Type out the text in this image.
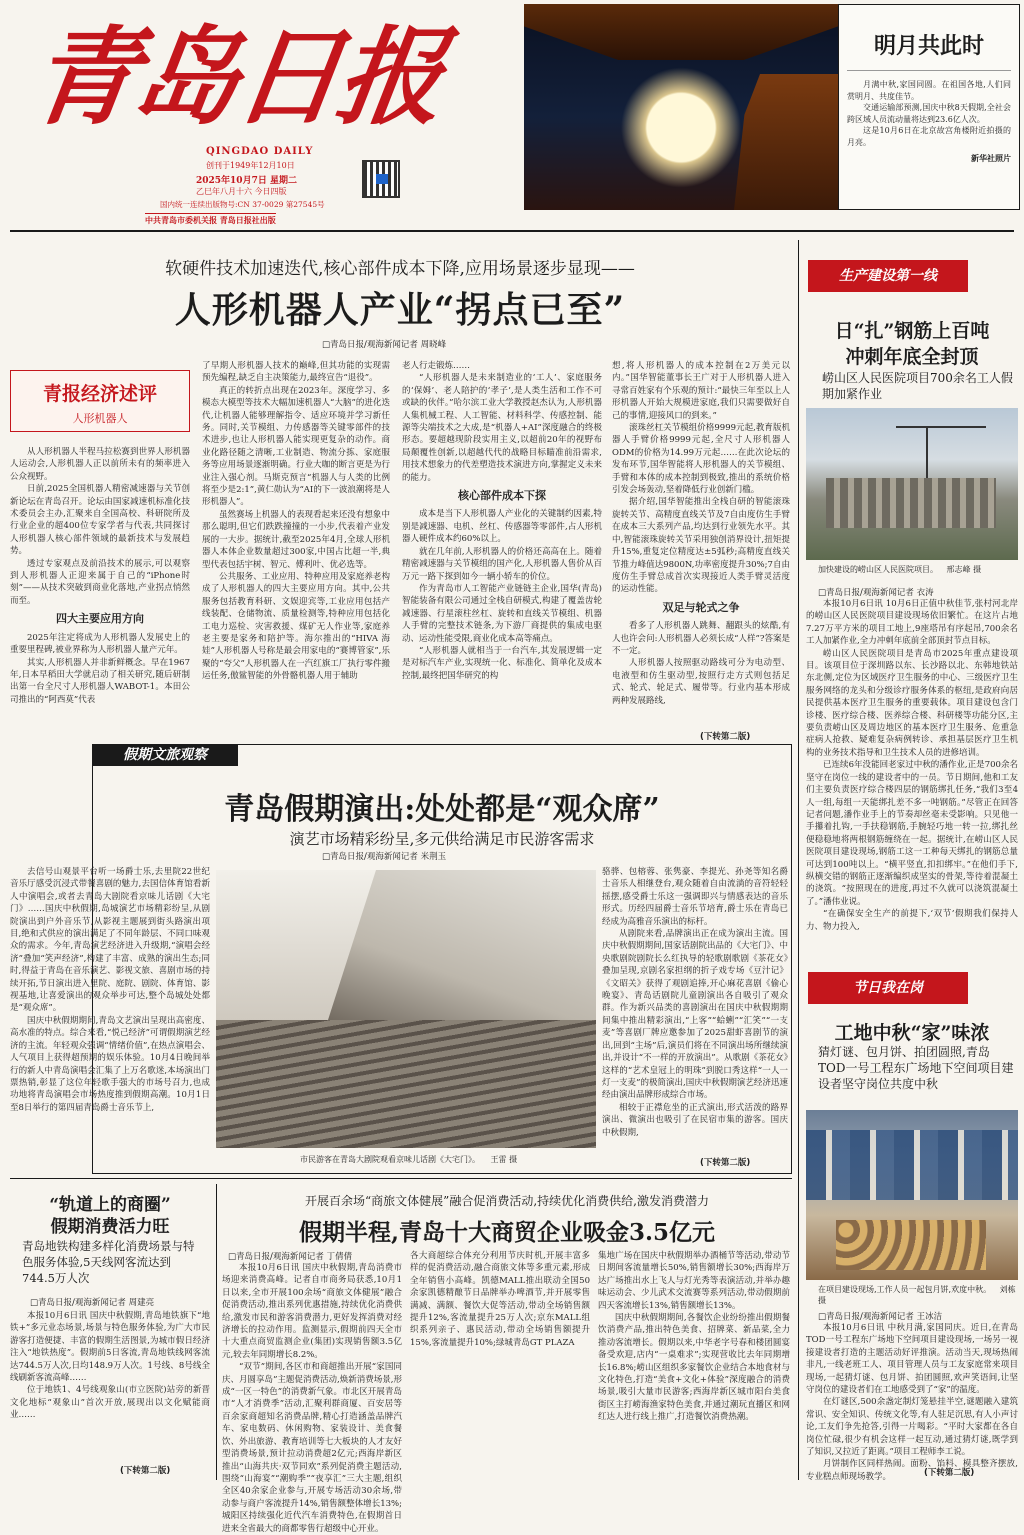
青岛日报
QINGDAO DAILY
创刊于1949年12月10日
2025年10月7日 星期二
乙巳年八月十六 今日四版
国内统一连续出版物号:CN 37-0029 第27545号
中共青岛市委机关报 青岛日报社出版
明月共此时

月满中秋,家国同圆。在祖国各地,人们同赏明月、共度佳节。

交通运输部预测,国庆中秋8天假期,全社会跨区域人员流动量将达到23.6亿人次。

这是10月6日在北京故宫角楼附近拍摄的月亮。

新华社照片
软硬件技术加速迭代,核心部件成本下降,应用场景逐步显现——
人形机器人产业“拐点已至”
□青岛日报/观海新闻记者 周晓峰
青报经济述评
人形机器人

从人形机器人半程马拉松赛到世界人形机器人运动会,人形机器人正以前所未有的频率进入公众视野。

日前,2025全国机器人精密减速器与关节创新论坛在青岛召开。论坛由国家减速机标准化技术委员会主办,汇聚来自全国高校、科研院所及行业企业的超400位专家学者与代表,共同探讨人形机器人核心部件领域的最新技术与发展趋势。

透过专家观点及前沿技术的展示,可以观察到人形机器人正迎来属于自己的“iPhone时刻”——从技术突破到商业化落地,产业拐点悄然而至。

四大主要应用方向

2025年注定将成为人形机器人发展史上的重要里程碑,被业界称为人形机器人量产元年。

其实,人形机器人并非新鲜概念。早在1967年,日本早稻田大学就启动了相关研究,随后研制出第一台全尺寸人形机器人WABOT-1。本田公司推出的“阿西莫”代表

了早期人形机器人技术的巅峰,但其功能的实现需预先编程,缺乏自主决策能力,最终宣告“退役”。

真正的转折点出现在2023年。深度学习、多模态大模型等技术大幅加速机器人“大脑”的进化迭代,让机器人能够理解指令、适应环境并学习新任务。同时,关节模组、力传感器等关键零部件的技术进步,也让人形机器人能实现更复杂的动作。商业化路径随之清晰,工业制造、物流分拣、家庭服务等应用场景逐渐明确。行业大咖的断言更是为行业注入强心剂。马斯克预言“机器人与人类的比例将至少是2:1”,黄仁勋认为“AI的下一波浪潮将是人形机器人”。

虽然赛场上机器人的表现看起来还没有想象中那么聪明,但它们跌跌撞撞的一小步,代表着产业发展的一大步。据统计,截至2025年4月,全球人形机器人本体企业数量超过300家,中国占比超一半,典型代表包括宇树、智元、傅利叶、优必选等。

公共服务、工业应用、特种应用及家庭养老构成了人形机器人的四大主要应用方向。其中,公共服务包括教育科研、文娱迎宾等,工业应用包括产线装配、仓储物流、质量检测等,特种应用包括化工电力巡检、灾害救援、煤矿无人作业等,家庭养老主要是家务和陪护等。海尔推出的“HIVA 海娃”人形机器人号称是最会用家电的“赛博管家”,乐聚的“夸父”人形机器人在一汽红旗工厂执行零件搬运任务,傲鲨智能的外骨骼机器人用于辅助

老人行走锻炼……

“人形机器人是未来制造业的‘工人’、家庭服务的‘保姆’、老人陪护的‘孝子’,是人类生活和工作不可或缺的伙伴。”哈尔滨工业大学教授赵杰认为,人形机器人集机械工程、人工智能、材料科学、传感控制、能源等尖端技术之大成,是“机器人+AI”深度融合的终极形态。要超越现阶段实用主义,以超前20年的视野布局颠覆性创新,以超越代代的战略目标瞄准前沿需求,用技术想象力的代差塑造技术演进方向,掌握定义未来的能力。

核心部件成本下探

成本是当下人形机器人产业化的关键制约因素,特别是减速器、电机、丝杠、传感器等零部件,占人形机器人硬件成本约60%以上。

就在几年前,人形机器人的价格还高高在上。随着精密减速器与关节模组的国产化,人形机器人售价从百万元一路下探到如今一辆小轿车的价位。

作为青岛市人工智能产业链链主企业,国华(青岛)智能装备有限公司通过全栈自研模式,构建了覆盖齿轮减速器、行星滚柱丝杠、旋转和直线关节模组、机器人手臂的完整技术链条,为下游厂商提供的集成电驱动、运动性能受限,商业化成本高等痛点。

“人形机器人就相当于一台汽车,其发展逻辑一定是对标汽车产业,实现统一化、标准化、简单化及成本控制,最终把国华研究的构

想,将人形机器人的成本控制在2万美元以内。”国华智能董事长王广对于人形机器人进入寻常百姓家有个乐观的预计:“最快三年至以上人形机器人开始大规模进家庭,我们只需要做好自己的事情,迎接风口的到来。”

滚珠丝杠关节模组价格9999元起,教育版机器人手臂价格9999元起,全尺寸人形机器人ODM的价格为14.99万元起……在此次论坛的发布环节,国华智能将人形机器人的关节模组、手臂和本体的成本控制到极致,推出的系统价格引发会场轰动,坚着降低行业创新门槛。

据介绍,国华智能推出全栈自研的智能滚珠旋转关节、高精度直线关节及7自由度仿生手臂在成本三大系列产品,均达到行业领先水平。其中,智能滚珠旋转关节采用独创消界设计,扭矩提升15%,重复定位精度达±5弧秒;高精度直线关节推力峰值达9800N,功率密度提升30%;7自由度仿生手臂总成首次实现接近人类手臂灵活度的运动性能。

双足与轮式之争

看多了人形机器人跳舞、翻跟头的炫酷,有人也许会问:人形机器人必须长成“人样”?答案是不一定。

人形机器人按照驱动路线可分为电动型、电液型和仿生驱动型,按照行走方式则包括足式、轮式、轮足式、履带等。行业内基本形成两种发展路线,

(下转第二版)
假期文旅观察
青岛假期演出:处处都是“观众席”
演艺市场精彩纷呈,多元供给满足市民游客需求
□青岛日报/观海新闻记者 米荆玉

去信号山观景平台听一场爵士乐,去里院22世纪音乐厅感受沉浸式带餐喜剧的魅力,去国信体育馆看新人中演唱会,或者去青岛大剧院看京味儿话剧《大宅门》……国庆中秋假期,岛城演艺市场精彩纷呈,从剧院演出到户外音乐节,从影视主题展到街头路演出项目,绝和式供应的演出满足了不同年龄层、不同口味观众的需求。今年,青岛演艺经济进入升级期,“演唱会经济”叠加“笑声经济”,构建了丰富、成熟的演出生态;同时,得益于青岛在音乐演艺、影视文旅、喜剧市场的持续开拓,节日演出进入里院、庭院、剧院、体育馆、影视基地,让喜爱演出的观众举步可达,整个岛城处处都是“观众席”。

国庆中秋假期期间,青岛文艺演出呈现出高密度、高水准的特点。综合来看,“悦己经济”可谓假期演艺经济的主流。年轻观众强调“情绪价值”,在热点演唱会、人气项目上获得超预期的娱乐体验。10月4日晚间举行的新人中青岛演唱会汇集了上万名歌迷,本场演出门票热销,彰显了这位年轻歌手强大的市场号召力,也成功地将青岛演唱会市场热度推到假期高潮。10月1日至8日举行的第四届青岛爵士音乐节上,

市民游客在青岛大剧院观看京味儿话剧《大宅门》。 王雷 摄

骆骅、包榕蓉、张隽豪、李提光、孙尧等知名爵士音乐人相继登台,观众随着自由流淌的音符轻轻摇摆,感受爵士乐这一强调即兴与情感表达的音乐形式。历经四届爵士音乐节培育,爵士乐在青岛已经成为高雅音乐演出的标杆。

从剧院来看,品牌演出正在成为演出主流。国庆中秋假期期间,国家话剧院出品的《大宅门》、中央歌剧院剧院长么红执导的轻歌剧歌剧《茶花女》叠加呈现,京剧名家担纲的折子戏专场《豆汁记》《文昭关》获得了观剧追捧,开心麻花喜剧《偷心晚宴》、青岛话剧院儿童剧演出各自吸引了观众群。作为新兴品类的喜剧演出在国庆中秋假期期间集中推出精彩演出,“上客”“蛤蜊”“汇笑”“一支麦”等喜剧厂牌应邀参加了2025甜虾喜剧节的演出,回到“主场”后,演员们将在不同演出场所继续演出,并设计“不一样的开放演出”。从歌剧《茶花女》这样的“艺术皇冠上的明珠”到脱口秀这样“一人一灯一支麦”的极简演出,国庆中秋假期演艺经济迅速经由演出品牌形成综合市场。

相较于正襟危坐的正式演出,形式活泼的路界演出、微演出也吸引了在民宿市集的游客。国庆中秋假期,

(下转第二版)
“轨道上的商圈”
假期消费活力旺
青岛地铁构建多样化消费场景与特色服务体验,5天线网客流达到744.5万人次
□青岛日报/观海新闻记者 周建亮

本报10月6日讯 国庆中秋假期,青岛地铁旗下“地铁+”多元业态场景,场景与特色服务体验,为广大市民游客打造便捷、丰富的假期生活图景,为城市假日经济注入“地铁热度”。假期前5日客流,青岛地铁线网客流达744.5万人次,日均148.9万人次。1号线、8号线全线刷新客流高峰……

位于地铁1、4号线观象山(市立医院)站旁的新晋文化地标“观象山”首次开放,展现出以文化赋能商业……

(下转第二版)
开展百余场“商旅文体健展”融合促消费活动,持续优化消费供给,激发消费潜力
假期半程,青岛十大商贸企业吸金3.5亿元
□青岛日报/观海新闻记者 丁倩倩

本报10月6日讯 国庆中秋假期,青岛消费市场迎来消费高峰。记者自市商务局获悉,10月1日以来,全市开展100余场“商旅文体健展”融合促消费活动,推出系列优惠措施,持续优化消费供给,激发市民和游客消费潜力,更好发挥消费对经济增长的拉动作用。监测显示,假期前四天全市十大重点商贸监测企业(集团)实现销售额3.5亿元,较去年同期增长8.2%。

“双节”期间,各区市和商超推出开展“家国同庆、月圆享岛”主题促消费活动,焕新消费场景,形成“一区一特色”的消费新气象。市北区开展青岛市“人才消费季”活动,汇聚利群商厦、百安居等百余家商超知名消费品牌,精心打造涵盖品牌汽车、家电数码、休闲购物、家装设计、美食餐饮、外出旅游、教育培训等七大板块的人才友好型消费场景,预计拉动消费超2亿元;西海岸新区推出“山海共庆·双节同欢”系列促消费主题活动,围绕“山海宴”“潮购季”“夜享汇”三大主题,组织全区40余家企业参与,开展专场活动30余场,带动参与商户客流提升14%,销售额整体增长13%;城阳区持续强化近代汽车消费特色,在假期首日进来全省最大的商都零售行超级中心开业。

各大商超综合体充分利用节庆时机,开展丰富多样的促消费活动,融合商旅文体等多重元素,形成全年销售小高峰。凯德MALL推出联动全国50余家凯德精酿节日品牌举办啤酒节,并开展零售满减、满额、餐饮大促等活动,带动全场销售额提升12%,客流量提升25万人次;京东MALL组织系列亲子、惠民活动,带动全场销售额提升15%,客流量提升10%;绿城青岛GT PLAZA

集地广场在国庆中秋假期举办酒桶节等活动,带动节日期间客流量增长50%,销售额增长30%;西海岸万达广场推出水上飞人与灯光秀等表演活动,并举办趣味运动会、少儿武术交流赛等系列活动,带动假期前四天客流增长13%,销售额增长13%。

国庆中秋假期期间,各餐饮企业纷纷推出假期餐饮消费产品,推出特色美食、招牌菜、新品菜,全力推动客流增长。假期以来,中华老字号春和楼团圆宴备受欢迎,店内“一桌难求”;实现营收比去年同期增长16.8%;崂山区组织多家餐饮企业结合本地食材与文化特色,打造“美食+文化+体验”深度融合的消费场景,吸引大量市民游客;西海岸新区城市阳台美食街区主打崂海渔家特色美食,并通过潮玩直播区和网红达人进行线上推广,打造餐饮消费热潮。

生产建设第一线
日“扎”钢筋上百吨
冲刺年底全封顶
崂山区人民医院项目700余名工人假期加紧作业
加快建设的崂山区人民医院项目。 邢志峰 摄
□青岛日报/观海新闻记者 衣涛

本报10月6日讯 10月6日正值中秋佳节,张村河北岸的崂山区人民医院项目建设现场依旧繁忙。在这片占地7.27万平方米的项目工地上,9座塔吊有序起吊,700余名工人加紧作业,全力冲刺年底前全部顶封节点目标。

崂山区人民医院项目是青岛市2025年重点建设项目。该项目位于深圳路以东、长沙路以北、东韩地铁站东北侧,定位为区域医疗卫生服务的中心、三级医疗卫生服务网络的龙头和分级诊疗服务体系的枢纽,是政府向居民提供基本医疗卫生服务的重要载体。项目建设包含门诊楼、医疗综合楼、医养综合楼、科研楼等功能分区,主要负责崂山区及周边地区的基本医疗卫生服务、危重急症病人抢救、疑难复杂病例转诊、承担基层医疗卫生机构的业务技术指导和卫生技术人员的进修培训。

已连续6年没能回老家过中秋的潘作业,正是700余名坚守在岗位一线的建设者中的一员。节日期间,他和工友们主要负责医疗综合楼四层的钢筋绑扎任务,“我们3至4人一组,每组一天能绑扎差不多一吨钢筋。”尽管正在回答记者问题,潘作业手上的节奏却丝毫未受影响。只见他一手攥着扎钩,一手扶稳钢筋,手腕轻巧地一转一拉,绑扎丝便稳稳地将两根钢筋缠绕在一起。据统计,在崂山区人民医院项目建设现场,钢筋工这一工种每天绑扎的钢筋总量可达到100吨以上。“横平竖直,扣扣绑牢。”在他们手下,纵横交错的钢筋正逐渐编织成坚实的骨架,等待着混凝土的浇筑。“按照现在的进度,再过不久就可以浇筑混凝土了。”潘伟业说。

“在确保安全生产的前提下,‘双节’假期我们保持人力、物力投入,

节日我在岗
工地中秋“家”味浓
猜灯谜、包月饼、拍团圆照,青岛TOD一号工程东广场地下空间项目建设者坚守岗位共度中秋
在项目建设现场,工作人员一起包月饼,欢度中秋。 刘栋 摄
□青岛日报/观海新闻记者 王冰洁

本报10月6日讯 中秋月满,家国同庆。近日,在青岛TOD一号工程东广场地下空间项目建设现场,一场另一视接建设者打造的主题活动好评推演。活动当天,现场热闹非凡,一线老班工人、项目管理人员与工友家庭常来项目现场,一起猜灯谜、包月饼、拍团圆照,欢声笑语间,让坚守岗位的建设者们在工地感受到了“家”的温度。

在灯谜区,500余盏定制灯笼悬挂半空,谜题融入建筑常识、安全知识、传统文化等,有人驻足沉思,有人小声讨论,工友们争先抢答,引得一片喝彩。“平时大家都在各自岗位忙碌,很少有机会这样一起互动,通过猜灯谜,既学到了知识,又拉近了距离。”项目工程师李工说。

月饼制作区同样热闹。面粉、馅料、模具整齐摆放,专业糕点师现场教学。	(下转第二版)
